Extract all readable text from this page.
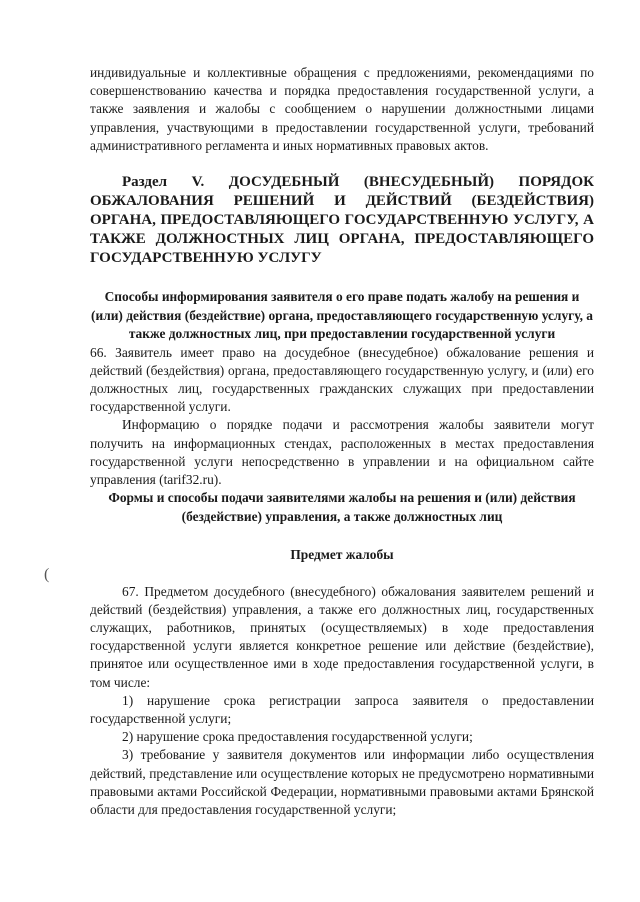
(

индивидуальные и коллективные обращения с предложениями, рекомендациями по совершенствованию качества и порядка предоставления государственной услуги, а также заявления и жалобы с сообщением о нарушении должностными лицами управления, участвующими в предоставлении государственной услуги, требований административного регламента и иных нормативных правовых актов.

Раздел V. ДОСУДЕБНЫЙ (ВНЕСУДЕБНЫЙ) ПОРЯДОК ОБЖАЛОВАНИЯ РЕШЕНИЙ И ДЕЙСТВИЙ (БЕЗДЕЙСТВИЯ) ОРГАНА, ПРЕДОСТАВЛЯЮЩЕГО ГОСУДАРСТВЕННУЮ УСЛУГУ, А ТАКЖЕ ДОЛЖНОСТНЫХ ЛИЦ ОРГАНА, ПРЕДОСТАВЛЯЮЩЕГО ГОСУДАРСТВЕННУЮ УСЛУГУ

Способы информирования заявителя о его праве подать жалобу на решения и (или) действия (бездействие) органа, предоставляющего государственную услугу, а также должностных лиц, при предоставлении государственной услуги

66. Заявитель имеет право на досудебное (внесудебное) обжалование решения и действий (бездействия) органа, предоставляющего государственную услугу, и (или) его должностных лиц, государственных гражданских служащих при предоставлении государственной услуги.

Информацию о порядке подачи и рассмотрения жалобы заявители могут получить на информационных стендах, расположенных в местах предоставления государственной услуги непосредственно в управлении и на официальном сайте управления (tarif32.ru).

Формы и способы подачи заявителями жалобы на решения и (или) действия (бездействие) управления, а также должностных лиц

Предмет жалобы

67. Предметом досудебного (внесудебного) обжалования заявителем решений и действий (бездействия) управления, а также его должностных лиц, государственных служащих, работников, принятых (осуществляемых) в ходе предоставления государственной услуги является конкретное решение или действие (бездействие), принятое или осуществленное ими в ходе предоставления государственной услуги, в том числе:

1) нарушение срока регистрации запроса заявителя о предоставлении государственной услуги;

2) нарушение срока предоставления государственной услуги;

3) требование у заявителя документов или информации либо осуществления действий, представление или осуществление которых не предусмотрено нормативными правовыми актами Российской Федерации, нормативными правовыми актами Брянской области для предоставления государственной услуги;
